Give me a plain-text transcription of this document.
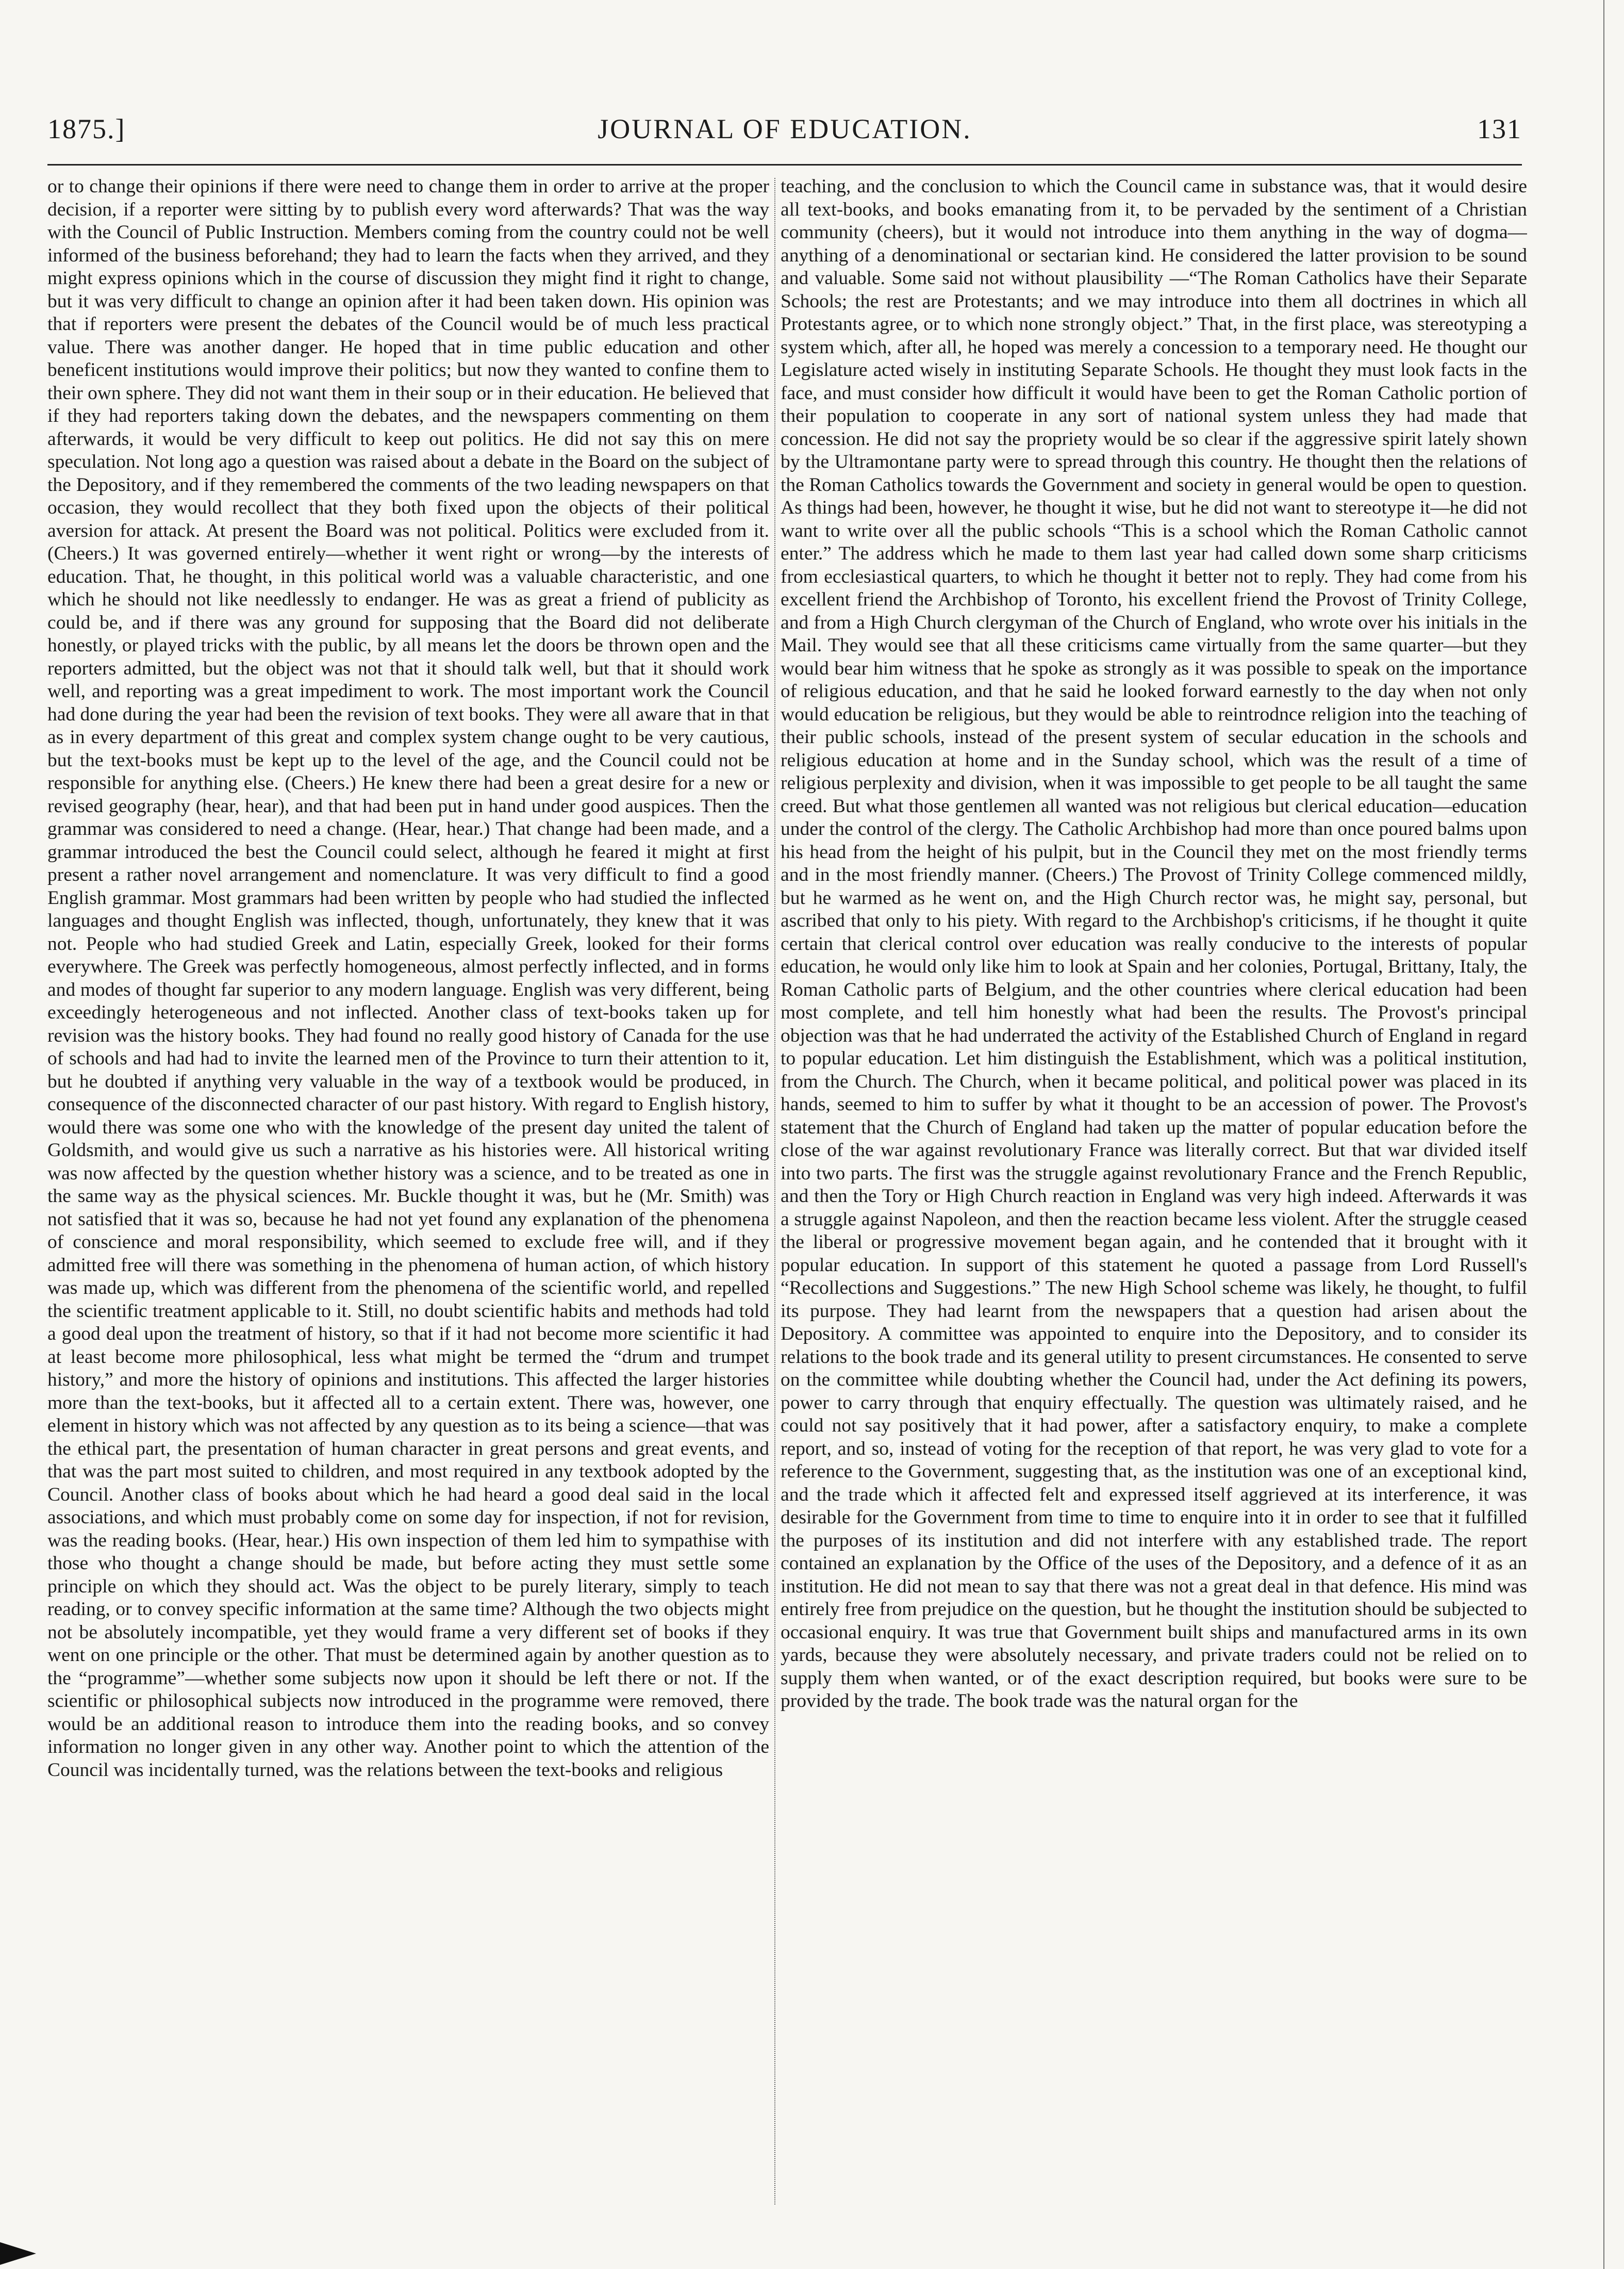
JOURNAL OF EDUCATION.
1875.]	131

or to change their opinions if there were need to change them in order to arrive at the proper decision, if a reporter were sitting by to publish every word afterwards? That was the way with the Council of Public Instruction. Members coming from the country could not be well informed of the business beforehand; they had to learn the facts when they arrived, and they might express opinions which in the course of discussion they might find it right to change, but it was very difficult to change an opinion after it had been taken down. His opinion was that if reporters were present the debates of the Council would be of much less practical value. There was another danger. He hoped that in time public education and other beneficent institutions would improve their politics; but now they wanted to confine them to their own sphere. They did not want them in their soup or in their education. He believed that if they had reporters taking down the debates, and the newspapers commenting on them afterwards, it would be very difficult to keep out politics. He did not say this on mere speculation. Not long ago a question was raised about a debate in the Board on the subject of the Depository, and if they remembered the comments of the two leading newspapers on that occasion, they would recollect that they both fixed upon the objects of their political aversion for attack. At present the Board was not political. Politics were excluded from it. (Cheers.) It was governed entirely—whether it went right or wrong—by the interests of education. That, he thought, in this political world was a valuable characteristic, and one which he should not like needlessly to endanger. He was as great a friend of publicity as could be, and if there was any ground for supposing that the Board did not deliberate honestly, or played tricks with the public, by all means let the doors be thrown open and the reporters admitted, but the object was not that it should talk well, but that it should work well, and reporting was a great impediment to work. The most important work the Council had done during the year had been the revision of text books. They were all aware that in that as in every department of this great and complex system change ought to be very cautious, but the text-books must be kept up to the level of the age, and the Council could not be responsible for anything else. (Cheers.) He knew there had been a great desire for a new or revised geography (hear, hear), and that had been put in hand under good auspices. Then the grammar was considered to need a change. (Hear, hear.) That change had been made, and a grammar introduced the best the Council could select, although he feared it might at first present a rather novel arrangement and nomenclature. It was very difficult to find a good English grammar. Most grammars had been written by people who had studied the inflected languages and thought English was inflected, though, unfortunately, they knew that it was not. People who had studied Greek and Latin, especially Greek, looked for their forms everywhere. The Greek was perfectly homogeneous, almost perfectly inflected, and in forms and modes of thought far superior to any modern language. English was very different, being exceedingly heterogeneous and not inflected. Another class of text-books taken up for revision was the history books. They had found no really good history of Canada for the use of schools and had had to invite the learned men of the Province to turn their attention to it, but he doubted if anything very valuable in the way of a textbook would be produced, in consequence of the disconnected character of our past history. With regard to English history, would there was some one who with the knowledge of the present day united the talent of Goldsmith, and would give us such a narrative as his histories were. All historical writing was now affected by the question whether history was a science, and to be treated as one in the same way as the physical sciences. Mr. Buckle thought it was, but he (Mr. Smith) was not satisfied that it was so, because he had not yet found any explanation of the phenomena of conscience and moral responsibility, which seemed to exclude free will, and if they admitted free will there was something in the phenomena of human action, of which history was made up, which was different from the phenomena of the scientific world, and repelled the scientific treatment applicable to it. Still, no doubt scientific habits and methods had told a good deal upon the treatment of history, so that if it had not become more scientific it had at least become more philosophical, less what might be termed the “drum and trumpet history,” and more the history of opinions and institutions. This affected the larger histories more than the text-books, but it affected all to a certain extent. There was, however, one element in history which was not affected by any question as to its being a science—that was the ethical part, the presentation of human character in great persons and great events, and that was the part most suited to children, and most required in any textbook adopted by the Council. Another class of books about which he had heard a good deal said in the local associations, and which must probably come on some day for inspection, if not for revision, was the reading books. (Hear, hear.) His own inspection of them led him to sympathise with those who thought a change should be made, but before acting they must settle some principle on which they should act. Was the object to be purely literary, simply to teach reading, or to convey specific information at the same time? Although the two objects might not be absolutely incompatible, yet they would frame a very different set of books if they went on one principle or the other. That must be determined again by another question as to the “programme”—whether some subjects now upon it should be left there or not. If the scientific or philosophical subjects now introduced in the programme were removed, there would be an additional reason to introduce them into the reading books, and so convey information no longer given in any other way. Another point to which the attention of the Council was incidentally turned, was the relations between the text-books and religious

teaching, and the conclusion to which the Council came in substance was, that it would desire all text-books, and books emanating from it, to be pervaded by the sentiment of a Christian community (cheers), but it would not introduce into them anything in the way of dogma—anything of a denominational or sectarian kind. He considered the latter provision to be sound and valuable. Some said not without plausibility —“The Roman Catholics have their Separate Schools; the rest are Protestants; and we may introduce into them all doctrines in which all Protestants agree, or to which none strongly object.” That, in the first place, was stereotyping a system which, after all, he hoped was merely a concession to a temporary need. He thought our Legislature acted wisely in instituting Separate Schools. He thought they must look facts in the face, and must consider how difficult it would have been to get the Roman Catholic portion of their population to cooperate in any sort of national system unless they had made that concession. He did not say the propriety would be so clear if the aggressive spirit lately shown by the Ultramontane party were to spread through this country. He thought then the relations of the Roman Catholics towards the Government and society in general would be open to question. As things had been, however, he thought it wise, but he did not want to stereotype it—he did not want to write over all the public schools “This is a school which the Roman Catholic cannot enter.” The address which he made to them last year had called down some sharp criticisms from ecclesiastical quarters, to which he thought it better not to reply. They had come from his excellent friend the Archbishop of Toronto, his excellent friend the Provost of Trinity College, and from a High Church clergyman of the Church of England, who wrote over his initials in the Mail. They would see that all these criticisms came virtually from the same quarter—but they would bear him witness that he spoke as strongly as it was possible to speak on the importance of religious education, and that he said he looked forward earnestly to the day when not only would education be religious, but they would be able to reintrodnce religion into the teaching of their public schools, instead of the present system of secular education in the schools and religious education at home and in the Sunday school, which was the result of a time of religious perplexity and division, when it was impossible to get people to be all taught the same creed. But what those gentlemen all wanted was not religious but clerical education—education under the control of the clergy. The Catholic Archbishop had more than once poured balms upon his head from the height of his pulpit, but in the Council they met on the most friendly terms and in the most friendly manner. (Cheers.) The Provost of Trinity College commenced mildly, but he warmed as he went on, and the High Church rector was, he might say, personal, but ascribed that only to his piety. With regard to the Archbishop's criticisms, if he thought it quite certain that clerical control over education was really conducive to the interests of popular education, he would only like him to look at Spain and her colonies, Portugal, Brittany, Italy, the Roman Catholic parts of Belgium, and the other countries where clerical education had been most complete, and tell him honestly what had been the results. The Provost's principal objection was that he had underrated the activity of the Established Church of England in regard to popular education. Let him distinguish the Establishment, which was a political institution, from the Church. The Church, when it became political, and political power was placed in its hands, seemed to him to suffer by what it thought to be an accession of power. The Provost's statement that the Church of England had taken up the matter of popular education before the close of the war against revolutionary France was literally correct. But that war divided itself into two parts. The first was the struggle against revolutionary France and the French Republic, and then the Tory or High Church reaction in England was very high indeed. Afterwards it was a struggle against Napoleon, and then the reaction became less violent. After the struggle ceased the liberal or progressive movement began again, and he contended that it brought with it popular education. In support of this statement he quoted a passage from Lord Russell's “Recollections and Suggestions.” The new High School scheme was likely, he thought, to fulfil its purpose. They had learnt from the newspapers that a question had arisen about the Depository. A committee was appointed to enquire into the Depository, and to consider its relations to the book trade and its general utility to present circumstances. He consented to serve on the committee while doubting whether the Council had, under the Act defining its powers, power to carry through that enquiry effectually. The question was ultimately raised, and he could not say positively that it had power, after a satisfactory enquiry, to make a complete report, and so, instead of voting for the reception of that report, he was very glad to vote for a reference to the Government, suggesting that, as the institution was one of an exceptional kind, and the trade which it affected felt and expressed itself aggrieved at its interference, it was desirable for the Government from time to time to enquire into it in order to see that it fulfilled the purposes of its institution and did not interfere with any established trade. The report contained an explanation by the Office of the uses of the Depository, and a defence of it as an institution. He did not mean to say that there was not a great deal in that defence. His mind was entirely free from prejudice on the question, but he thought the institution should be subjected to occasional enquiry. It was true that Government built ships and manufactured arms in its own yards, because they were absolutely necessary, and private traders could not be relied on to supply them when wanted, or of the exact description required, but books were sure to be provided by the trade. The book trade was the natural organ for the
